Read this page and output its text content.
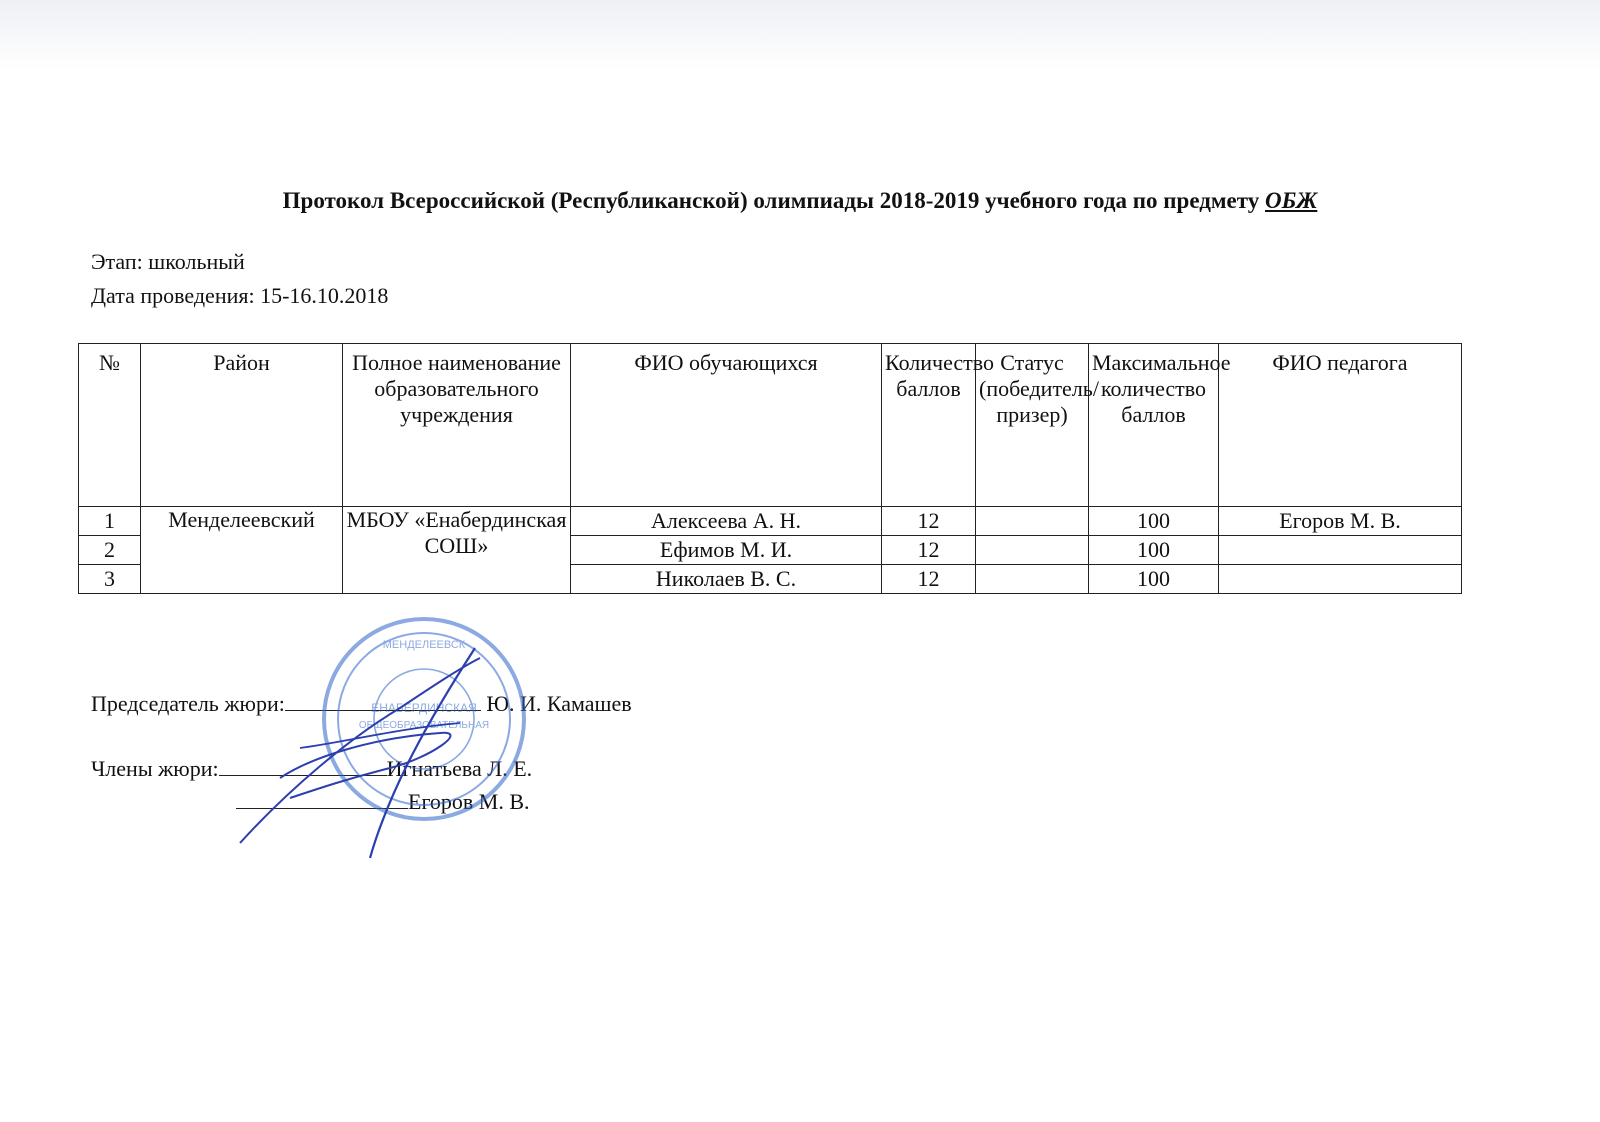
Протокол Всероссийской (Республиканской) олимпиады 2018-2019 учебного года по предмету ОБЖ
Этап: школьный
Дата проведения: 15-16.10.2018
№	Район	Полное наименование образовательного учреждения	ФИО обучающихся	Количество баллов	Статус (победитель/призер)	Максимальное количество баллов	ФИО педагога
1	Менделеевский	МБОУ «Енабердинская СОШ»	Алексеева А. Н.	12		100	Егоров М. В.
2			Ефимов М. И.	12		100	
3			Николаев В. С.	12		100	
Председатель жюри:	Ю. И. Камашев
Члены жюри:	Игнатьева Л. Е.
Егоров М. В.
ЕНАБЕРДИНСКАЯ
ОБЩЕОБРАЗОВАТЕЛЬНАЯ
МЕНДЕЛЕЕВСК
